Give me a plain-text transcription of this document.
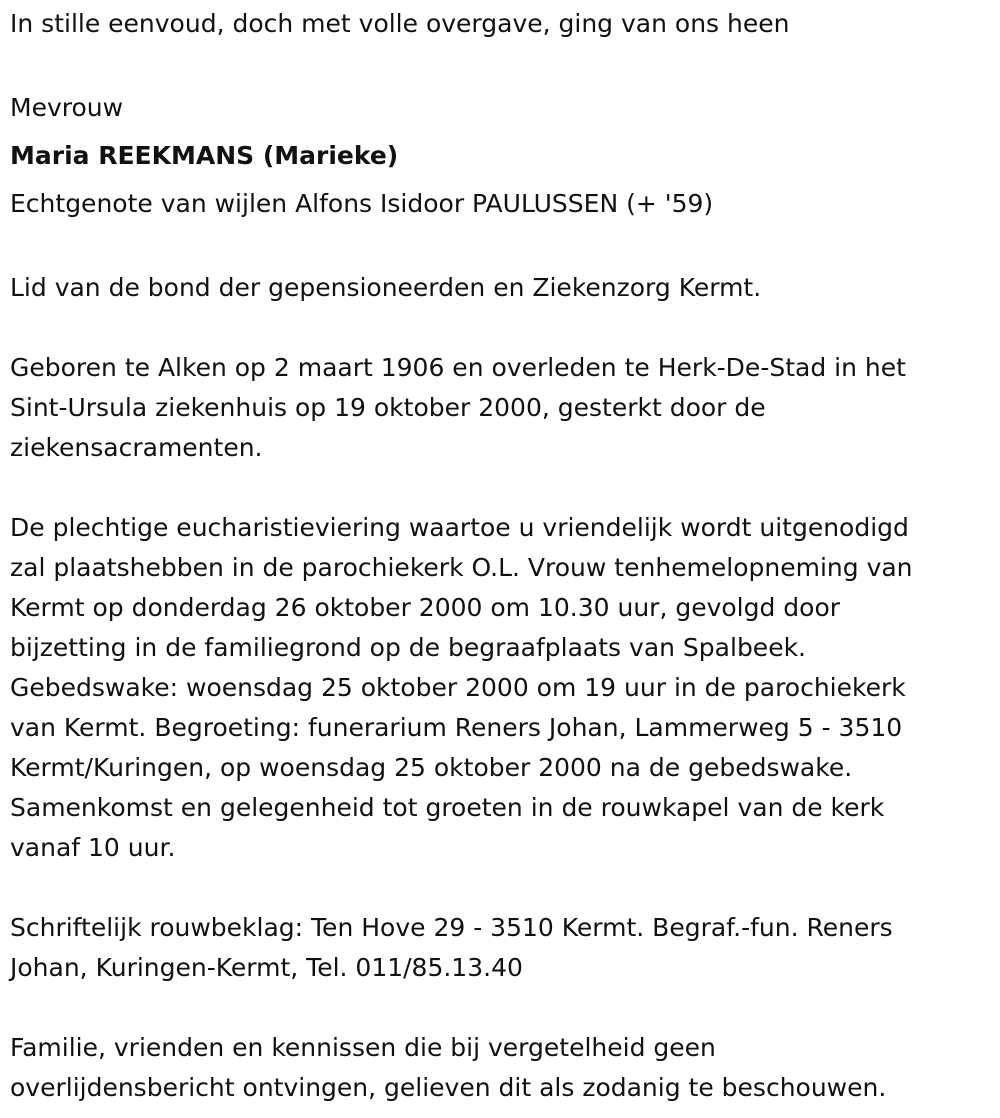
In stille eenvoud, doch met volle overgave, ging van ons heen
Mevrouw
Maria REEKMANS (Marieke)
Echtgenote van wijlen Alfons Isidoor PAULUSSEN (+ '59)
Lid van de bond der gepensioneerden en Ziekenzorg Kermt.
Geboren te Alken op 2 maart 1906 en overleden te Herk-De-Stad in het
Sint-Ursula ziekenhuis op 19 oktober 2000, gesterkt door de
ziekensacramenten.
De plechtige eucharistieviering waartoe u vriendelijk wordt uitgenodigd
zal plaatshebben in de parochiekerk O.L. Vrouw tenhemelopneming van
Kermt op donderdag 26 oktober 2000 om 10.30 uur, gevolgd door
bijzetting in de familiegrond op de begraafplaats van Spalbeek.
Gebedswake: woensdag 25 oktober 2000 om 19 uur in de parochiekerk
van Kermt. Begroeting: funerarium Reners Johan, Lammerweg 5 - 3510
Kermt/Kuringen, op woensdag 25 oktober 2000 na de gebedswake.
Samenkomst en gelegenheid tot groeten in de rouwkapel van de kerk
vanaf 10 uur.
Schriftelijk rouwbeklag: Ten Hove 29 - 3510 Kermt. Begraf.-fun. Reners
Johan, Kuringen-Kermt, Tel. 011/85.13.40
Familie, vrienden en kennissen die bij vergetelheid geen
overlijdensbericht ontvingen, gelieven dit als zodanig te beschouwen.
